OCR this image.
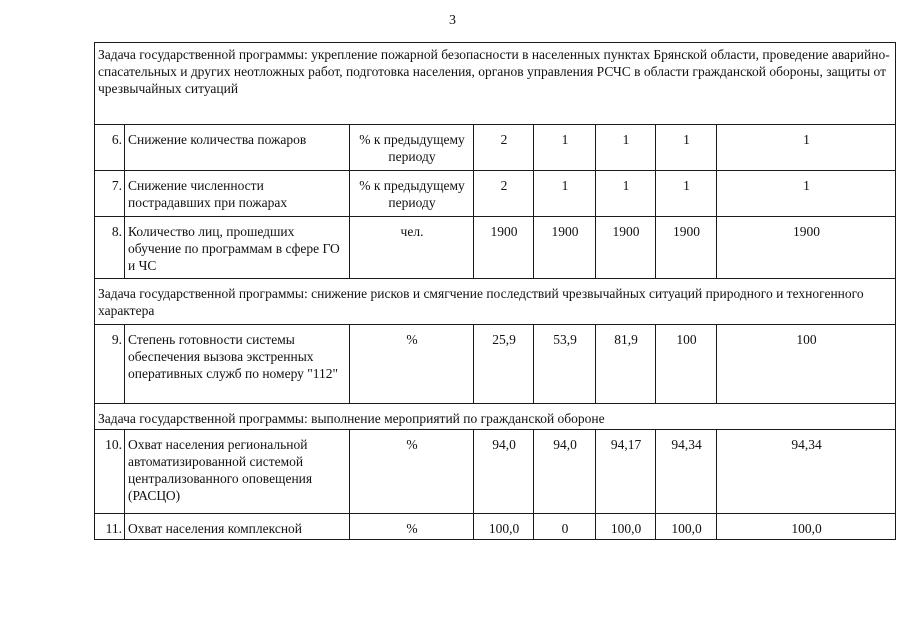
3
Задача государственной программы: укрепление пожарной безопасности в населенных пунктах Брянской области, проведение аварийно-спасательных и других неотложных работ, подготовка населения, органов управления РСЧС в области гражданской обороны, защиты от чрезвычайных ситуаций							
6.	Снижение количества пожаров	% к предыдущему периоду	2	1	1	1	1
7.	Снижение численности пострадавших при пожарах	% к предыдущему периоду	2	1	1	1	1
8.	Количество лиц, прошедших обучение по программам в сфере ГО и ЧС	чел.	1900	1900	1900	1900	1900
Задача государственной программы: снижение рисков и смягчение последствий чрезвычайных ситуаций природного и техногенного характера							
9.	Степень готовности системы обеспечения вызова экстренных оперативных служб по номеру "112"	%	25,9	53,9	81,9	100	100
Задача государственной программы: выполнение мероприятий по гражданской обороне							
10.	Охват населения региональной автоматизированной системой централизованного оповещения (РАСЦО)	%	94,0	94,0	94,17	94,34	94,34
11.	Охват населения комплексной	%	100,0	0	100,0	100,0	100,0
